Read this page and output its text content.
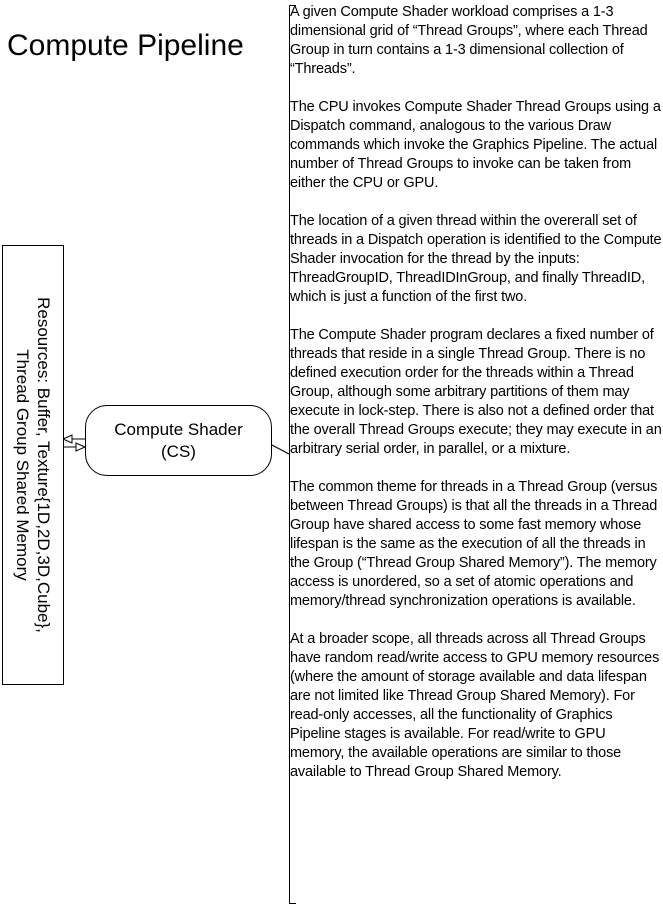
Compute Pipeline

A given Compute Shader workload comprises a 1-3 dimensional grid of “Thread Groups”, where each Thread Group in turn contains a 1-3 dimensional collection of “Threads”.

The CPU invokes Compute Shader Thread Groups using a Dispatch command, analogous to the various Draw commands which invoke the Graphics Pipeline. The actual number of Thread Groups to invoke can be taken from either the CPU or GPU.

The location of a given thread within the overerall set of threads in a Dispatch operation is identified to the Compute Shader invocation for the thread by the inputs: ThreadGroupID, ThreadIDInGroup, and finally ThreadID, which is just a function of the first two.

The Compute Shader program declares a fixed number of threads that reside in a single Thread Group. There is no defined execution order for the threads within a Thread Group, although some arbitrary partitions of them may execute in lock-step. There is also not a defined order that the overall Thread Groups execute; they may execute in an arbitrary serial order, in parallel, or a mixture.

The common theme for threads in a Thread Group (versus between Thread Groups) is that all the threads in a Thread Group have shared access to some fast memory whose lifespan is the same as the execution of all the threads in the Group (“Thread Group Shared Memory”). The memory access is unordered, so a set of atomic operations and memory/thread synchronization operations is available.

At a broader scope, all threads across all Thread Groups have random read/write access to GPU memory resources (where the amount of storage available and data lifespan are not limited like Thread Group Shared Memory). For read-only accesses, all the functionality of Graphics Pipeline stages is available. For read/write to GPU memory, the available operations are similar to those available to Thread Group Shared Memory.

Compute Shader
(CS)
Resources: Buffer, Texture{1D,2D,3D,Cube},
Thread Group Shared Memory
